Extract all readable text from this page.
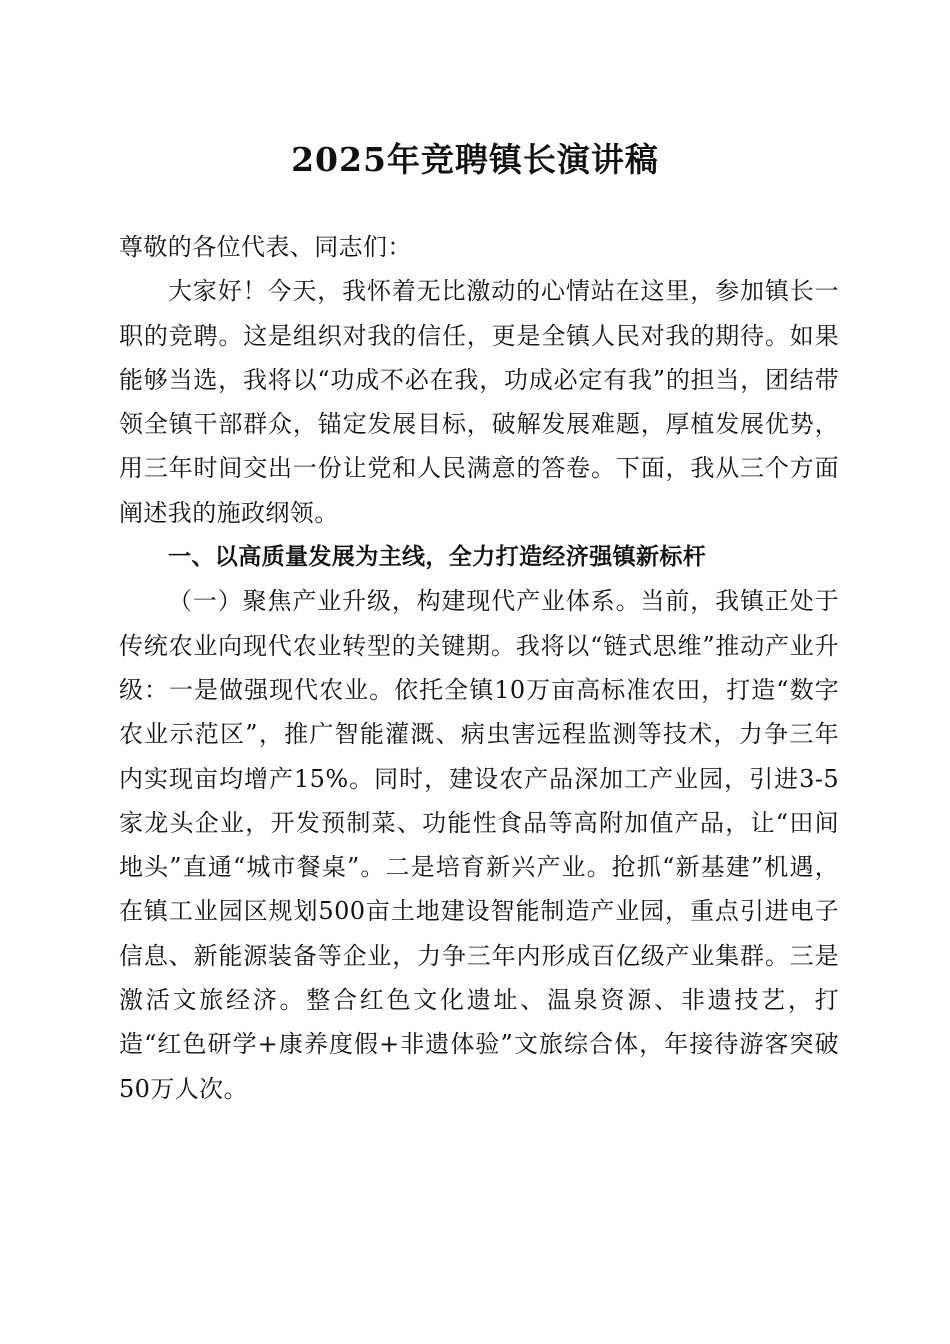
2025年竞聘镇长演讲稿

尊敬的各位代表、同志们：

大家好！今天，我怀着无比激动的心情站在这里，参加镇长一职的竞聘。这是组织对我的信任，更是全镇人民对我的期待。如果能够当选，我将以“功成不必在我，功成必定有我”的担当，团结带领全镇干部群众，锚定发展目标，破解发展难题，厚植发展优势，用三年时间交出一份让党和人民满意的答卷。下面，我从三个方面阐述我的施政纲领。

一、以高质量发展为主线，全力打造经济强镇新标杆

（一）聚焦产业升级，构建现代产业体系。当前，我镇正处于传统农业向现代农业转型的关键期。我将以“链式思维”推动产业升级：一是做强现代农业。依托全镇10万亩高标准农田，打造“数字农业示范区”，推广智能灌溉、病虫害远程监测等技术，力争三年内实现亩均增产15%。同时，建设农产品深加工产业园，引进3-5家龙头企业，开发预制菜、功能性食品等高附加值产品，让“田间地头”直通“城市餐桌”。二是培育新兴产业。抢抓“新基建”机遇，在镇工业园区规划500亩土地建设智能制造产业园，重点引进电子信息、新能源装备等企业，力争三年内形成百亿级产业集群。三是激活文旅经济。整合红色文化遗址、温泉资源、非遗技艺，打造“红色研学+康养度假+非遗体验”文旅综合体，年接待游客突破50万人次。
